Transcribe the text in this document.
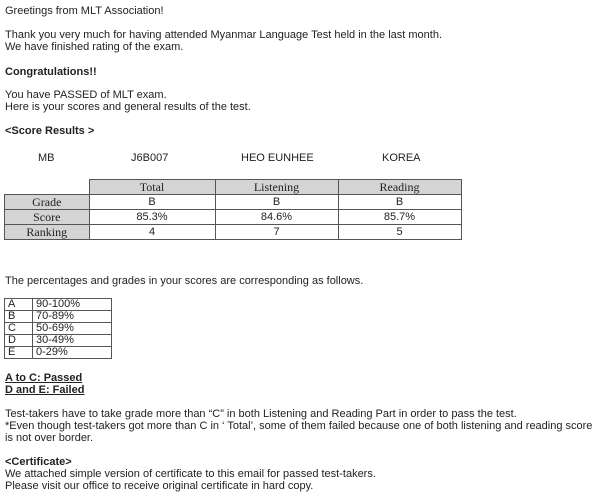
Greetings from MLT Association!
Thank you very much for having attended Myanmar Language Test held in the last month.
We have finished rating of the exam.
Congratulations!!
You have PASSED of MLT exam.
Here is your scores and general results of the test.
<Score Results >
MB	J6B007	HEO EUNHEE	KOREA
	Total	Listening	Reading
Grade	B	B	B
Score	85.3%	84.6%	85.7%
Ranking	4	7	5
The percentages and grades in your scores are corresponding as follows.
A	90-100%
B	70-89%
C	50-69%
D	30-49%
E	0-29%
A to C: Passed
D and E: Failed
Test-takers have to take grade more than “C” in both Listening and Reading Part in order to pass the test.
*Even though test-takers got more than C in ‘ Total’, some of them failed because one of both listening and reading score is not over border.
<Certificate>
We attached simple version of certificate to this email for passed test-takers.
Please visit our office to receive original certificate in hard copy.
